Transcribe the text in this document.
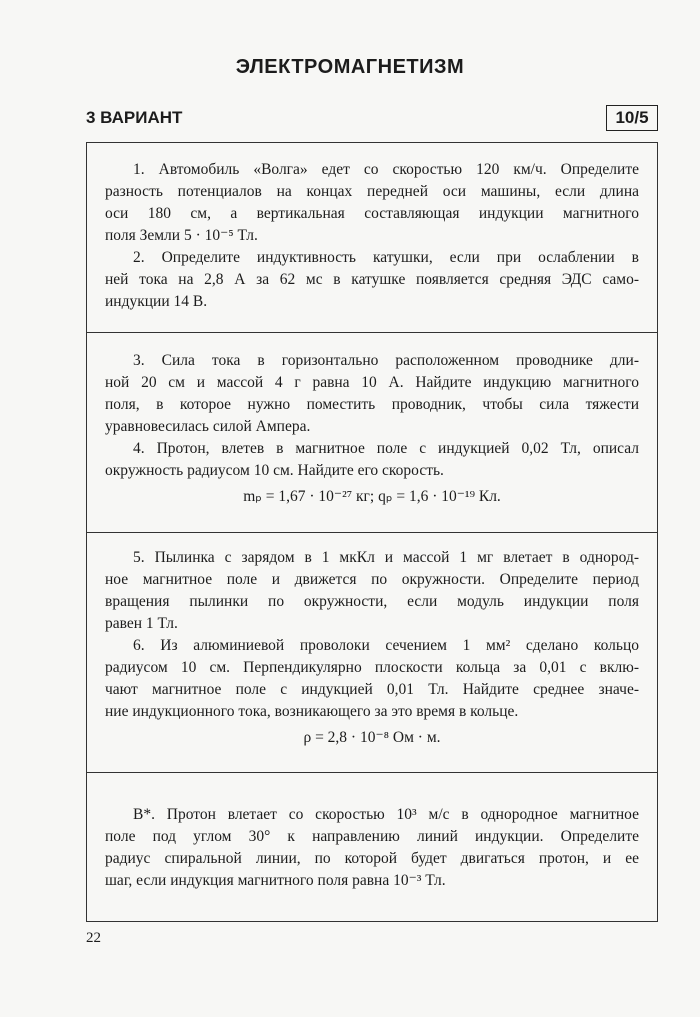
ЭЛЕКТРОМАГНЕТИЗМ
3 ВАРИАНТ	10/5
1. Автомобиль «Волга» едет со скоростью 120 км/ч. Определите
разность потенциалов на концах передней оси машины, если длина
оси 180 см, а вертикальная составляющая индукции магнитного
поля Земли 5 · 10⁻⁵ Тл.
2. Определите индуктивность катушки, если при ослаблении в
ней тока на 2,8 А за 62 мс в катушке появляется средняя ЭДС само-
индукции 14 В.
3. Сила тока в горизонтально расположенном проводнике дли-
ной 20 см и массой 4 г равна 10 А. Найдите индукцию магнитного
поля, в которое нужно поместить проводник, чтобы сила тяжести
уравновесилась силой Ампера.
4. Протон, влетев в магнитное поле с индукцией 0,02 Тл, описал
окружность радиусом 10 см. Найдите его скорость.
mₚ = 1,67 · 10⁻²⁷ кг; qₚ = 1,6 · 10⁻¹⁹ Кл.
5. Пылинка с зарядом в 1 мкКл и массой 1 мг влетает в однород-
ное магнитное поле и движется по окружности. Определите период
вращения пылинки по окружности, если модуль индукции поля
равен 1 Тл.
6. Из алюминиевой проволоки сечением 1 мм² сделано кольцо
радиусом 10 см. Перпендикулярно плоскости кольца за 0,01 с вклю-
чают магнитное поле с индукцией 0,01 Тл. Найдите среднее значе-
ние индукционного тока, возникающего за это время в кольце.
ρ = 2,8 · 10⁻⁸ Ом · м.
В*. Протон влетает со скоростью 10³ м/с в однородное магнитное
поле под углом 30° к направлению линий индукции. Определите
радиус спиральной линии, по которой будет двигаться протон, и ее
шаг, если индукция магнитного поля равна 10⁻³ Тл.
22
